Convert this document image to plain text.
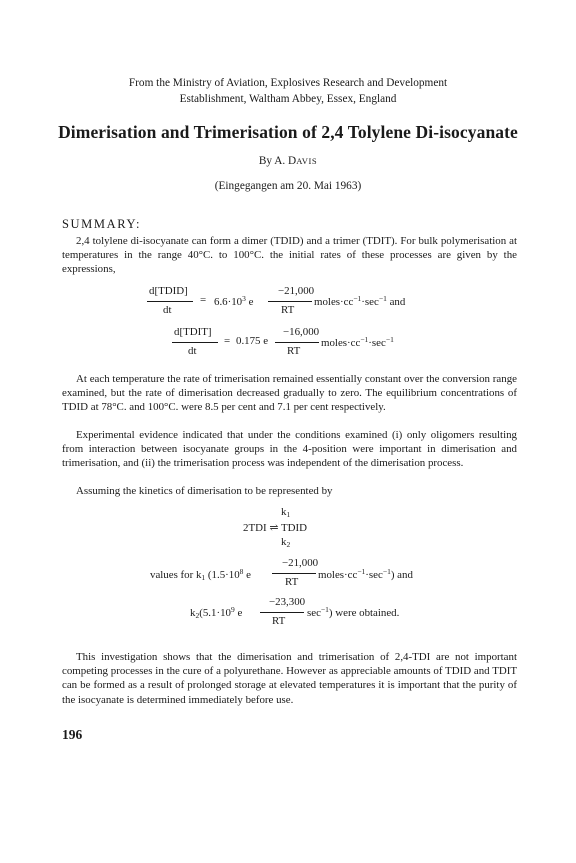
From the Ministry of Aviation, Explosives Research and Development
Establishment, Waltham Abbey, Essex, England
Dimerisation and Trimerisation of 2,4 Tolylene Di-isocyanate
By A. DAVIS
(Eingegangen am 20. Mai 1963)
SUMMARY:
2,4 tolylene di-isocyanate can form a dimer (TDID) and a trimer (TDIT). For bulk polymerisation at temperatures in the range 40°C. to 100°C. the initial rates of these processes are given by the expressions,
d[TDID]
dt
= $6.6\cdot 10^3$ e
−21,000
RT
$moles\cdot cc^{-1}\cdot\sec^{-1}$ and
d[TDIT]
dt
= 0.175 e
−16,000
RT
$moles\cdot cc^{-1}\cdot\sec^{-1}$
At each temperature the rate of trimerisation remained essentially constant over the conversion range examined, but the rate of dimerisation decreased gradually to zero. The equilibrium concentrations of TDID at 78°C. and 100°C. were 8.5 per cent and 7.1 per cent respectively.
Experimental evidence indicated that under the conditions examined (i) only oligomers resulting from interaction between isocyanate groups in the 4-position were important in dimerisation and trimerisation, and (ii) the trimerisation process was independent of the dimerisation process.
Assuming the kinetics of dimerisation to be represented by
$k_1$
2TDI ⇌ TDID
$k_2$
values for $k_1$ ($1.5\cdot 10^8$ e
−21,000
RT
$moles\cdot cc^{-1}\cdot\sec^{-1}$) and
$k_2(5.1\cdot 10^9$ e
−23,300
RT
$\sec^{-1}$) were obtained.
This investigation shows that the dimerisation and trimerisation of 2,4-TDI are not important competing processes in the cure of a polyurethane. However as appreciable amounts of TDID and TDIT can be formed as a result of prolonged storage at elevated temperatures it is important that the purity of the isocyanate is determined immediately before use.
196
